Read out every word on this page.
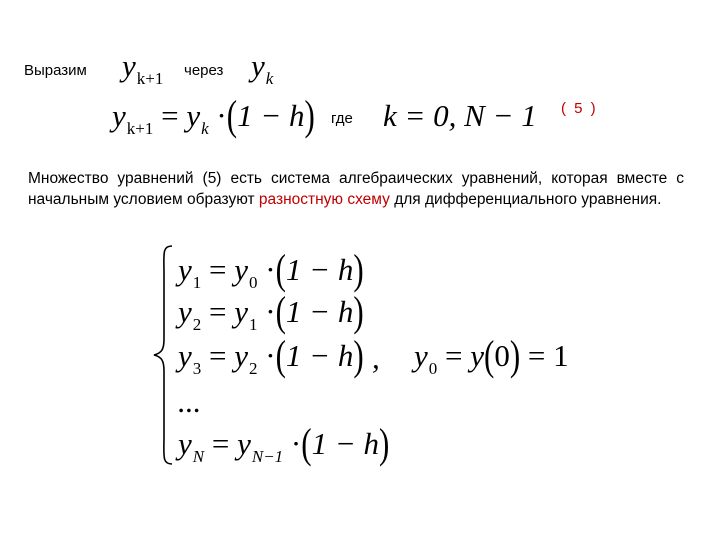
Выразим $y_{k+1}$ через $y_k$
$y_{k+1} = y_k \cdot(1 - h)$ где k = 0, N − 1 ( 5 )
Множество уравнений (5) есть система алгебраических уравнений, которая вместе с начальным условием образуют разностную схему для дифференциального уравнения.
$y_1 = y_0 \cdot(1 - h)$
$y_2 = y_1 \cdot(1 - h)$
$y_3 = y_2 \cdot(1 - h)$ , $y_0 = y(0) = 1$
...
$y_N = y_{N-1} \cdot(1 - h)$
